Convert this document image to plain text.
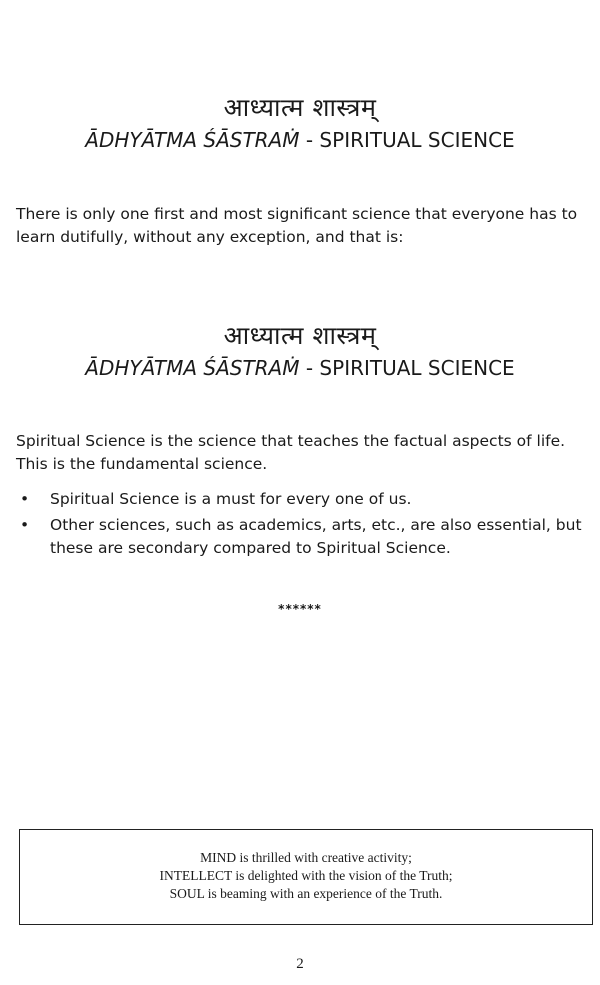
आध्यात्म शास्त्रम्
ĀDHYĀTMA ŚĀSTRAṀ - SPIRITUAL SCIENCE
There is only one first and most significant science that everyone has to
learn dutifully, without any exception, and that is:
आध्यात्म शास्त्रम्
ĀDHYĀTMA ŚĀSTRAṀ - SPIRITUAL SCIENCE
Spiritual Science is the science that teaches the factual aspects of life.
This is the fundamental science.
• Spiritual Science is a must for every one of us.
• Other sciences, such as academics, arts, etc., are also essential, but
these are secondary compared to Spiritual Science.
******
MIND is thrilled with creative activity;
INTELLECT is delighted with the vision of the Truth;
SOUL is beaming with an experience of the Truth.
2
